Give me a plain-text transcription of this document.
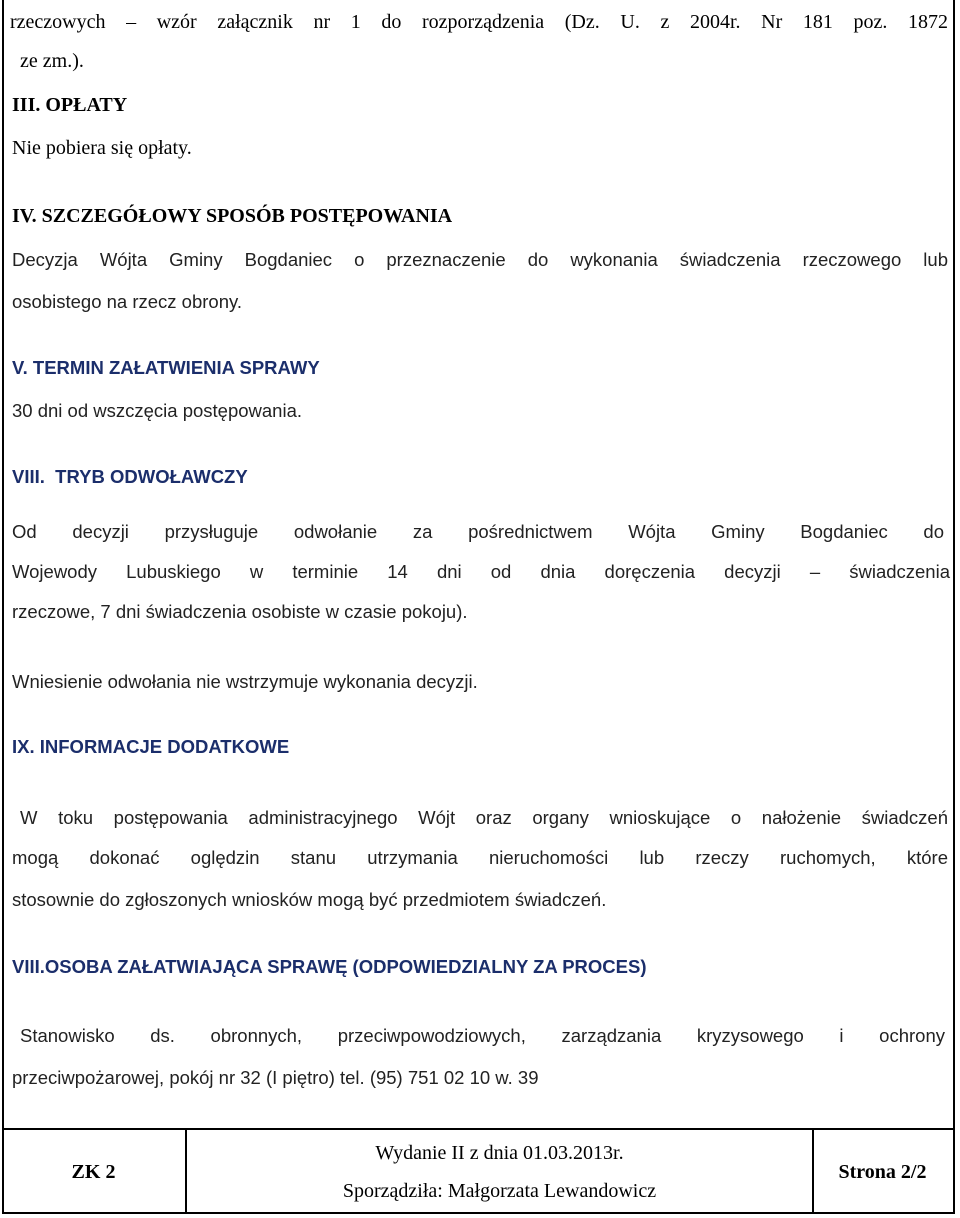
rzeczowych – wzór załącznik nr 1 do rozporządzenia (Dz. U. z 2004r. Nr 181 poz. 1872
ze zm.).
III. OPŁATY
Nie pobiera się opłaty.
IV. SZCZEGÓŁOWY SPOSÓB POSTĘPOWANIA
Decyzja Wójta Gminy Bogdaniec o przeznaczenie do wykonania świadczenia rzeczowego lub
osobistego na rzecz obrony.
V. TERMIN ZAŁATWIENIA SPRAWY
30 dni od wszczęcia postępowania.
VIII.  TRYB ODWOŁAWCZY
Od decyzji przysługuje odwołanie za pośrednictwem Wójta Gminy Bogdaniec do
Wojewody Lubuskiego w terminie 14 dni od dnia doręczenia decyzji – świadczenia
rzeczowe, 7 dni świadczenia osobiste w czasie pokoju).
Wniesienie odwołania nie wstrzymuje wykonania decyzji.
IX. INFORMACJE DODATKOWE
W toku postępowania administracyjnego Wójt oraz organy wnioskujące o nałożenie świadczeń
mogą dokonać oględzin stanu utrzymania nieruchomości lub rzeczy ruchomych, które
stosownie do zgłoszonych wniosków mogą być przedmiotem świadczeń.
VIII.OSOBA ZAŁATWIAJĄCA SPRAWĘ (ODPOWIEDZIALNY ZA PROCES)
Stanowisko ds. obronnych, przeciwpowodziowych, zarządzania kryzysowego i ochrony
przeciwpożarowej, pokój nr 32 (I piętro) tel. (95) 751 02 10 w. 39
ZK 2
Wydanie II z dnia 01.03.2013r.
Sporządziła: Małgorzata Lewandowicz
Strona 2/2
